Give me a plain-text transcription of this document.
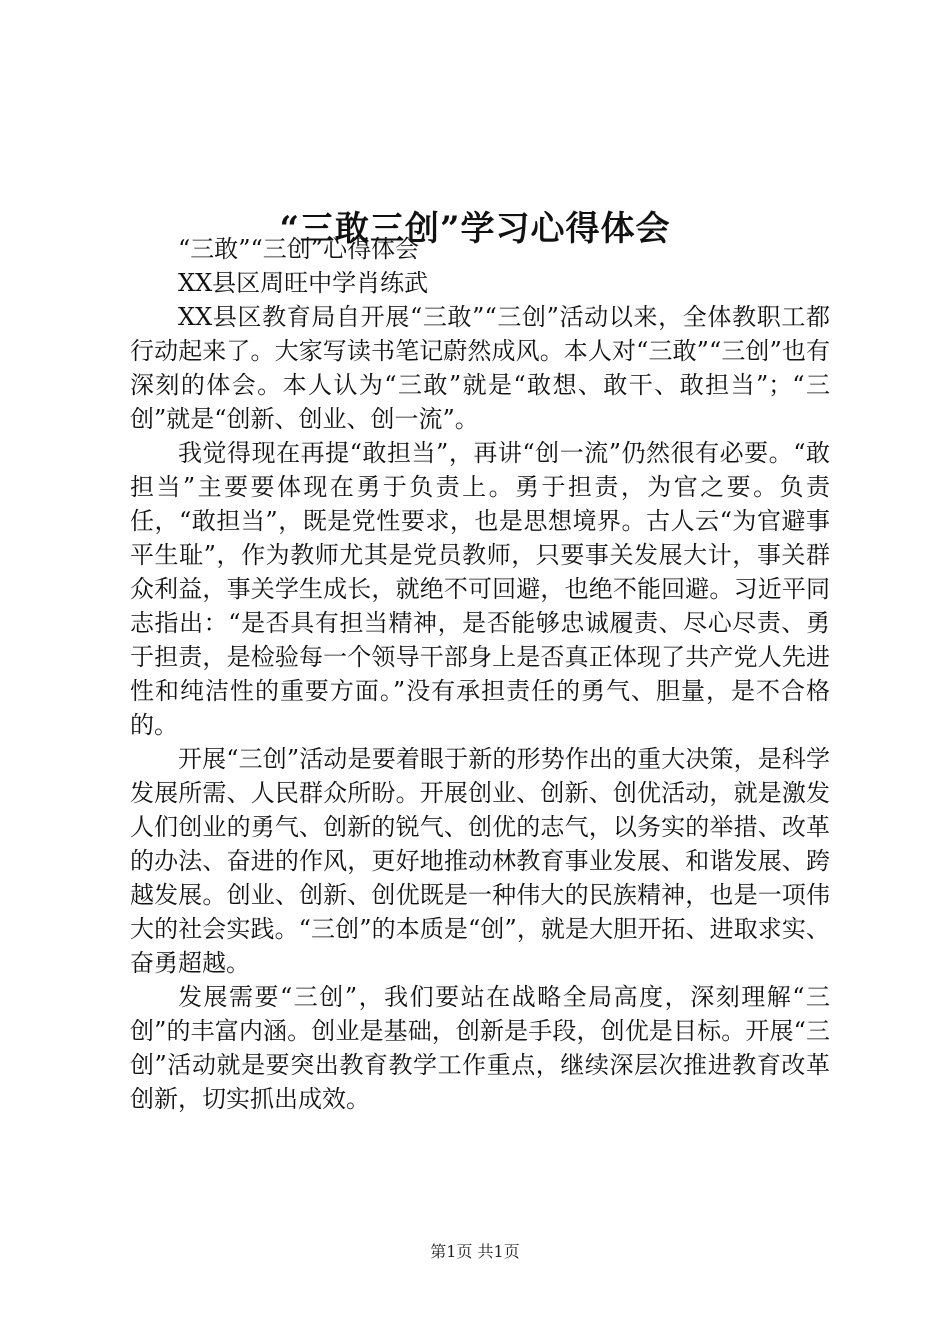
“三敢三创”学习心得体会

“三敢”“三创”心得体会

XX县区周旺中学肖练武

XX县区教育局自开展“三敢”“三创”活动以来，全体教职工都行动起来了。大家写读书笔记蔚然成风。本人对“三敢”“三创”也有深刻的体会。本人认为“三敢”就是“敢想、敢干、敢担当”；“三创”就是“创新、创业、创一流”。

我觉得现在再提“敢担当”，再讲“创一流”仍然很有必要。“敢担当”主要要体现在勇于负责上。勇于担责，为官之要。负责任，“敢担当”，既是党性要求，也是思想境界。古人云“为官避事平生耻”，作为教师尤其是党员教师，只要事关发展大计，事关群众利益，事关学生成长，就绝不可回避，也绝不能回避。习近平同志指出：“是否具有担当精神，是否能够忠诚履责、尽心尽责、勇于担责，是检验每一个领导干部身上是否真正体现了共产党人先进性和纯洁性的重要方面。”没有承担责任的勇气、胆量，是不合格的。

开展“三创”活动是要着眼于新的形势作出的重大决策，是科学发展所需、人民群众所盼。开展创业、创新、创优活动，就是激发人们创业的勇气、创新的锐气、创优的志气，以务实的举措、改革的办法、奋进的作风，更好地推动林教育事业发展、和谐发展、跨越发展。创业、创新、创优既是一种伟大的民族精神，也是一项伟大的社会实践。“三创”的本质是“创”，就是大胆开拓、进取求实、奋勇超越。

发展需要“三创”，我们要站在战略全局高度，深刻理解“三创”的丰富内涵。创业是基础，创新是手段，创优是目标。开展“三创”活动就是要突出教育教学工作重点，继续深层次推进教育改革创新，切实抓出成效。

第1页 共1页
